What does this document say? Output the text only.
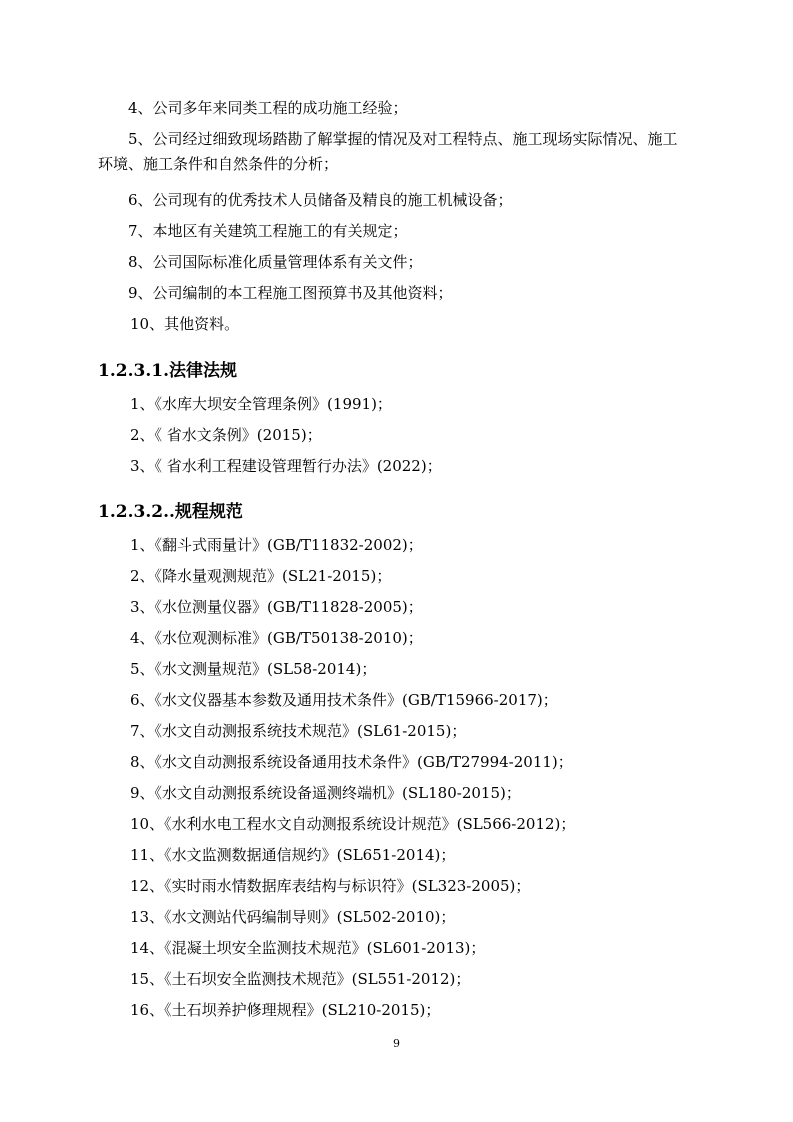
4、公司多年来同类工程的成功施工经验；
5、公司经过细致现场踏勘了解掌握的情况及对工程特点、施工现场实际情况、施工
环境、施工条件和自然条件的分析；
6、公司现有的优秀技术人员储备及精良的施工机械设备；
7、本地区有关建筑工程施工的有关规定；
8、公司国际标准化质量管理体系有关文件；
9、公司编制的本工程施工图预算书及其他资料；
10、其他资料。
1.2.3.1.法律法规
1、《水库大坝安全管理条例》(1991)；
2、《 省水文条例》(2015)；
3、《 省水利工程建设管理暂行办法》(2022)；
1.2.3.2..规程规范
1、《翻斗式雨量计》(GB/T11832-2002)；
2、《降水量观测规范》(SL21-2015)；
3、《水位测量仪器》(GB/T11828-2005)；
4、《水位观测标准》(GB/T50138-2010)；
5、《水文测量规范》(SL58-2014)；
6、《水文仪器基本参数及通用技术条件》(GB/T15966-2017)；
7、《水文自动测报系统技术规范》(SL61-2015)；
8、《水文自动测报系统设备通用技术条件》(GB/T27994-2011)；
9、《水文自动测报系统设备遥测终端机》(SL180-2015)；
10、《水利水电工程水文自动测报系统设计规范》(SL566-2012)；
11、《水文监测数据通信规约》(SL651-2014)；
12、《实时雨水情数据库表结构与标识符》(SL323-2005)；
13、《水文测站代码编制导则》(SL502-2010)；
14、《混凝土坝安全监测技术规范》(SL601-2013)；
15、《土石坝安全监测技术规范》(SL551-2012)；
16、《土石坝养护修理规程》(SL210-2015)；
9
